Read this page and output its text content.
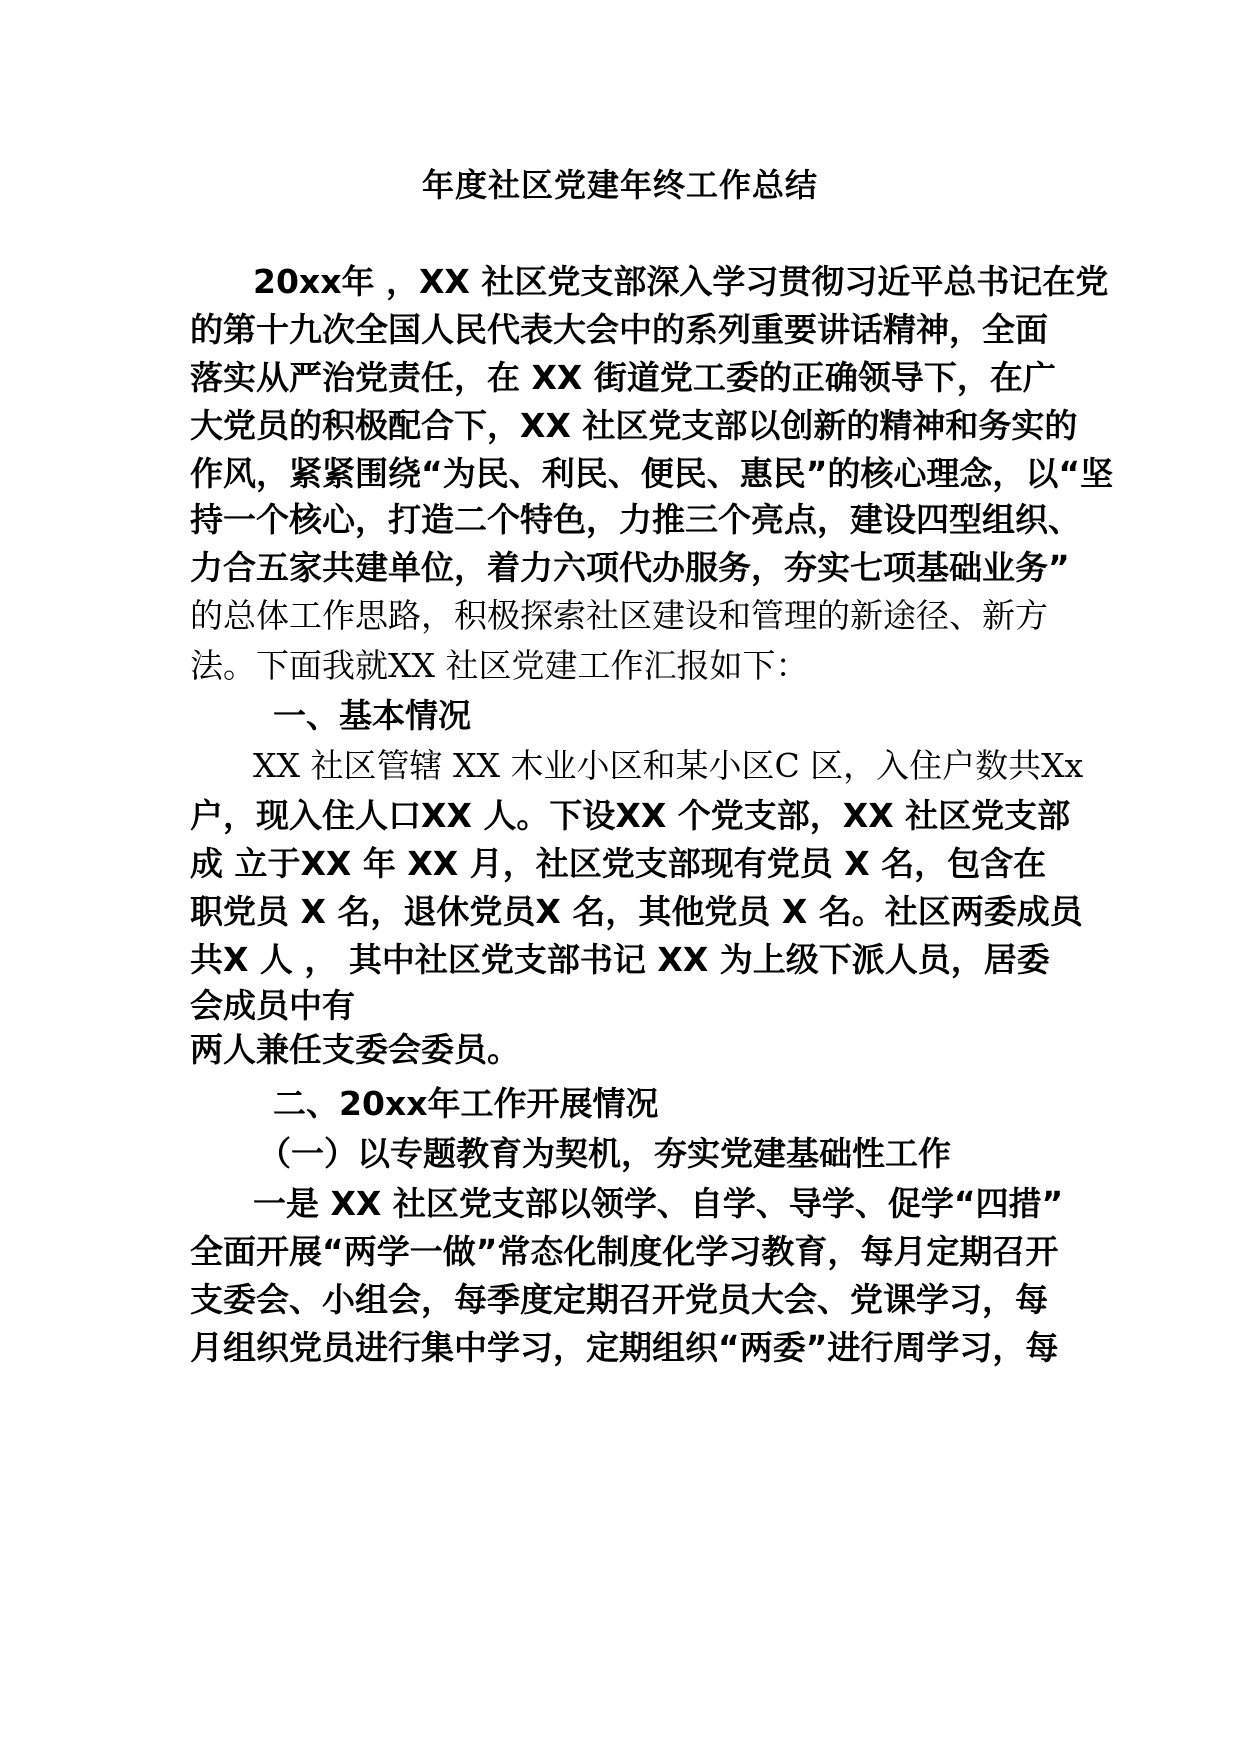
年度社区党建年终工作总结
20xx年 ，XX 社区党支部深入学习贯彻习近平总书记在党
的第十九次全国人民代表大会中的系列重要讲话精神，全面
落实从严治党责任，在 XX 街道党工委的正确领导下，在广
大党员的积极配合下，XX 社区党支部以创新的精神和务实的
作风，紧紧围绕“为民、利民、便民、惠民”的核心理念，以“坚
持一个核心，打造二个特色，力推三个亮点，建设四型组织、
力合五家共建单位，着力六项代办服务，夯实七项基础业务”
的总体工作思路，积极探索社区建设和管理的新途径、新方
法。下面我就XX 社区党建工作汇报如下：
一、基本情况
XX 社区管辖 XX 木业小区和某小区C 区，入住户数共Xx
户，现入住人口XX 人。下设XX 个党支部，XX 社区党支部
成 立于XX 年 XX 月，社区党支部现有党员 X 名，包含在
职党员 X 名，退休党员X 名，其他党员 X 名。社区两委成员
共X 人 ， 其中社区党支部书记 XX 为上级下派人员，居委
会成员中有
两人兼任支委会委员。
二、20xx年工作开展情况
（一）以专题教育为契机，夯实党建基础性工作
一是 XX 社区党支部以领学、自学、导学、促学“四措”
全面开展“两学一做”常态化制度化学习教育，每月定期召开
支委会、小组会，每季度定期召开党员大会、党课学习，每
月组织党员进行集中学习，定期组织“两委”进行周学习，每
